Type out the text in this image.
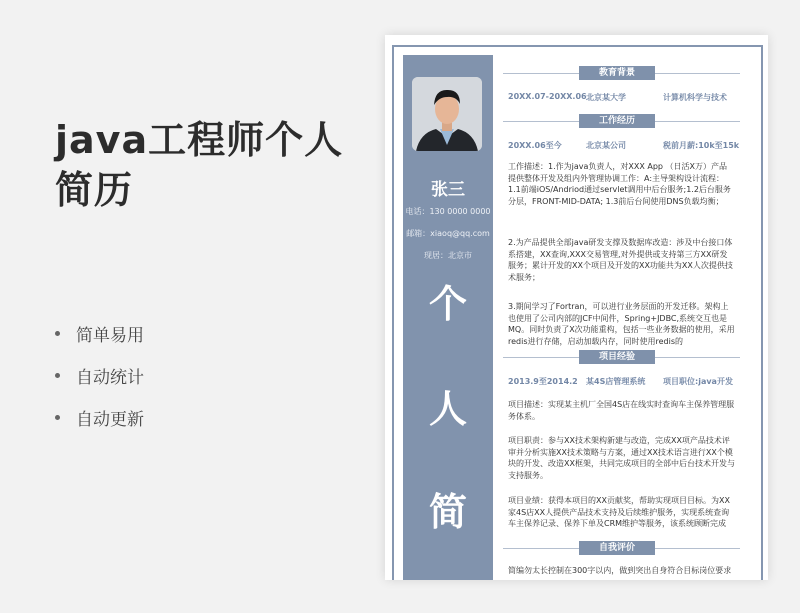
java工程师个人简历
简单易用
自动统计
自动更新
张三
电话：130 0000 0000
邮箱：xiaoq@qq.com
现居：北京市
个
人
简
教育背景
20XX.07-20XX.06 北京某大学	计算机科学与技术
工作经历
20XX.06至今	北京某公司	税前月薪:10k至15k
工作描述：1.作为java负责人，对XXX App （日活X万）产品提供整体开发及组内外管理协调工作：A:主导架构设计流程：1.1前端iOS/Andriod通过servlet调用中后台服务;1.2后台服务分层，FRONT-MID-DATA; 1.3前后台间使用DNS负载均衡；
2.为产品提供全部java研发支撑及数据库改造：涉及中台接口体系搭建，XX查询,XXX交易管理,对外提供或支持第三方XX研发服务；累计开发的XX个项目及开发的XX功能共为XX人次提供技术服务；
3.期间学习了Fortran，可以进行业务层面的开发迁移。架构上也使用了公司内部的JCF中间件，Spring+JDBC,系统交互也是MQ。同时负责了X次功能重构，包括一些业务数据的使用，采用redis进行存储，启动加载内存，同时使用redis的
项目经验
2013.9至2014.2 某4S店管理系统 项目职位:java开发
项目描述：实现某主机厂全国4S店在线实时查询车主保养管理服务体系。
项目职责：参与XX技术架构新建与改造，完成XX项产品技术评审并分析实施XX技术策略与方案，通过XX技术语言进行XX个模块的开发、改造XX框架，共同完成项目的全部中后台技术开发与支持服务。
项目业绩：获得本项目的XX贡献奖，帮助实现项目目标。为XX家4S店XX人提供产品技术支持及后续维护服务，实现系统查询车主保养记录、保养下单及CRM维护等服务，该系统顾断完成
自我评价
简编勿太长控制在300字以内，做到突出自身符合目标岗位要求
